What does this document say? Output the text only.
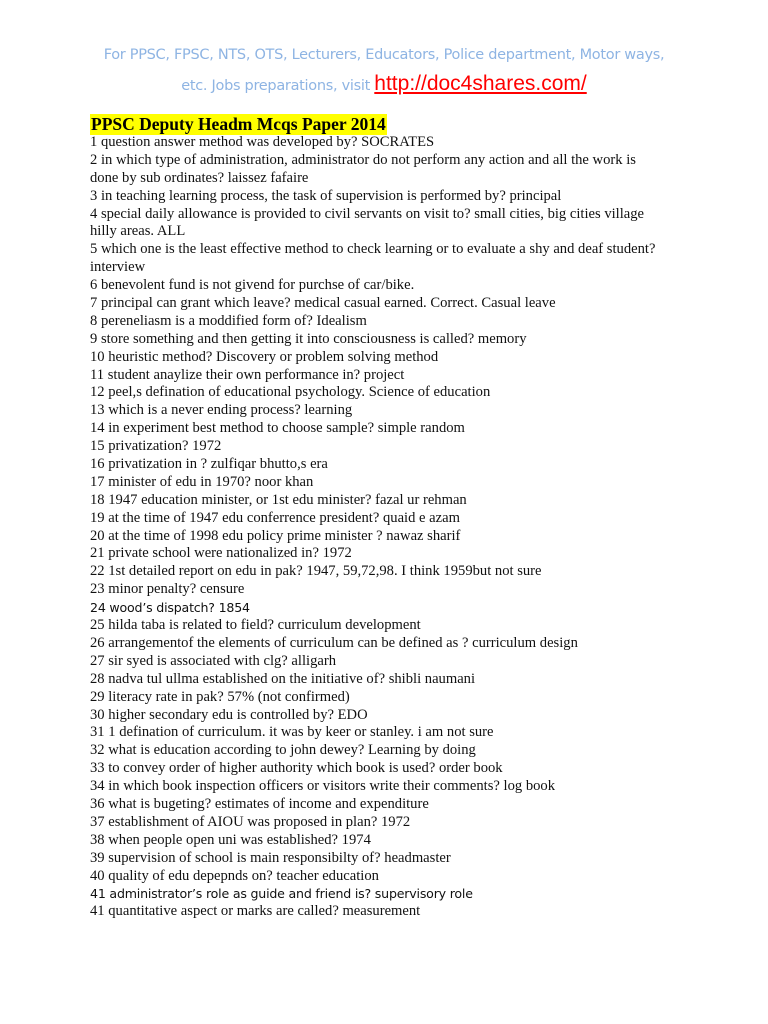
For PPSC, FPSC, NTS, OTS, Lecturers, Educators, Police department, Motor ways,
etc. Jobs preparations, visit http://doc4shares.com/
PPSC Deputy Headm Mcqs Paper 2014
1 question answer method was developed by? SOCRATES
2 in which type of administration, administrator do not perform any action and all the work is
done by sub ordinates? laissez fafaire
3 in teaching learning process, the task of supervision is performed by? principal
4 special daily allowance is provided to civil servants on visit to? small cities, big cities village
hilly areas. ALL
5 which one is the least effective method to check learning or to evaluate a shy and deaf student?
interview
6 benevolent fund is not givend for purchse of car/bike.
7 principal can grant which leave? medical casual earned. Correct. Casual leave
8 pereneliasm is a moddified form of? Idealism
9 store something and then getting it into consciousness is called? memory
10 heuristic method? Discovery or problem solving method
11 student anaylize their own performance in? project
12 peel,s defination of educational psychology. Science of education
13 which is a never ending process? learning
14 in experiment best method to choose sample? simple random
15 privatization? 1972
16 privatization in ? zulfiqar bhutto,s era
17 minister of edu in 1970? noor khan
18 1947 education minister, or 1st edu minister? fazal ur rehman
19 at the time of 1947 edu conferrence president? quaid e azam
20 at the time of 1998 edu policy prime minister ? nawaz sharif
21 private school were nationalized in? 1972
22 1st detailed report on edu in pak? 1947, 59,72,98. I think 1959but not sure
23 minor penalty? censure
24 wood’s dispatch? 1854
25 hilda taba is related to field? curriculum development
26 arrangementof the elements of curriculum can be defined as ? curriculum design
27 sir syed is associated with clg? alligarh
28 nadva tul ullma established on the initiative of? shibli naumani
29 literacy rate in pak? 57% (not confirmed)
30 higher secondary edu is controlled by? EDO
31 1 defination of curriculum. it was by keer or stanley. i am not sure
32 what is education according to john dewey? Learning by doing
33 to convey order of higher authority which book is used? order book
34 in which book inspection officers or visitors write their comments? log book
36 what is bugeting? estimates of income and expenditure
37 establishment of AIOU was proposed in plan? 1972
38 when people open uni was established? 1974
39 supervision of school is main responsibilty of? headmaster
40 quality of edu depepnds on? teacher education
41 administrator’s role as guide and friend is? supervisory role
41 quantitative aspect or marks are called? measurement
